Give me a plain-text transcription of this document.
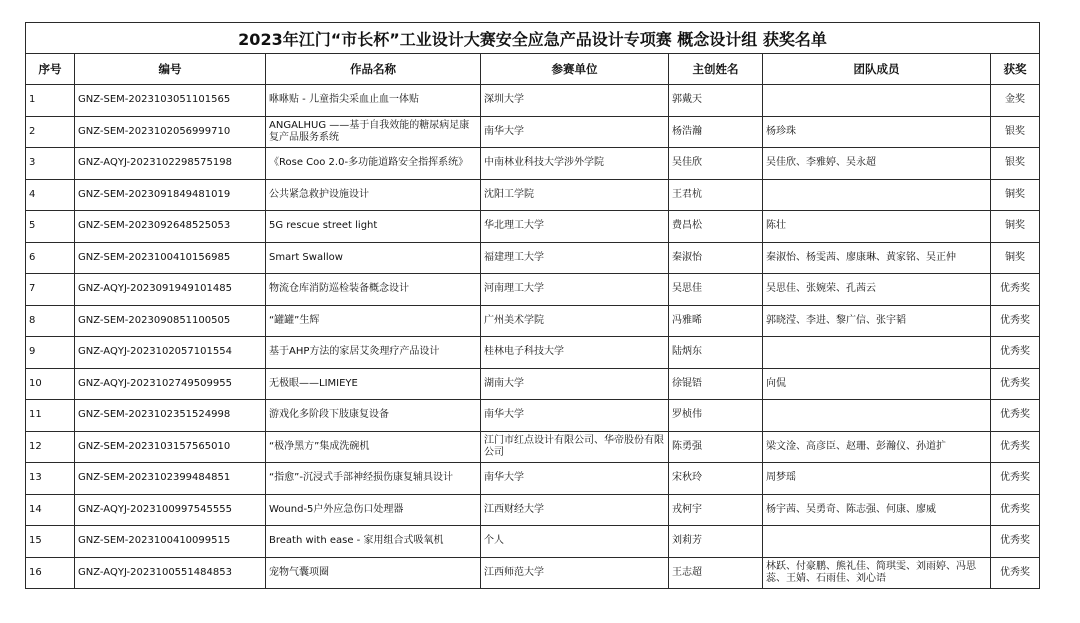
2023年江门“市长杯”工业设计大赛安全应急产品设计专项赛 概念设计组 获奖名单						
序号	编号	作品名称	参赛单位	主创姓名	团队成员	获奖
1	GNZ-SEM-2023103051101565	咻咻贴 - 儿童指尖采血止血一体贴	深圳大学	郭戴天		金奖
2	GNZ-SEM-2023102056999710	ANGALHUG ——基于自我效能的糖尿病足康复产品服务系统	南华大学	杨浩瀚	杨珍珠	银奖
3	GNZ-AQYJ-2023102298575198	《Rose Coo 2.0-多功能道路安全指挥系统》	中南林业科技大学涉外学院	吴佳欣	吴佳欣、李雅婷、吴永超	银奖
4	GNZ-SEM-2023091849481019	公共紧急救护设施设计	沈阳工学院	王君杭		铜奖
5	GNZ-SEM-2023092648525053	5G rescue street light	华北理工大学	费昌松	陈壮	铜奖
6	GNZ-SEM-2023100410156985	Smart Swallow	福建理工大学	秦淑怡	秦淑怡、杨雯茜、廖康琳、黄家铭、吴正仲	铜奖
7	GNZ-AQYJ-2023091949101485	物流仓库消防巡检装备概念设计	河南理工大学	吴思佳	吴思佳、张婉荣、孔茜云	优秀奖
8	GNZ-SEM-2023090851100505	“罐罐”生辉	广州美术学院	冯雅晞	郭晓滢、李进、黎广信、张宇韬	优秀奖
9	GNZ-AQYJ-2023102057101554	基于AHP方法的家居艾灸理疗产品设计	桂林电子科技大学	陆炳东		优秀奖
10	GNZ-AQYJ-2023102749509955	无极眼——LIMIEYE	湖南大学	徐锟铻	向侃	优秀奖
11	GNZ-SEM-2023102351524998	游戏化多阶段下肢康复设备	南华大学	罗桢伟		优秀奖
12	GNZ-SEM-2023103157565010	“极净黑方”集成洗碗机	江门市红点设计有限公司、华帝股份有限公司	陈勇强	梁文淦、高彦臣、赵珊、彭瀚仪、孙道扩	优秀奖
13	GNZ-SEM-2023102399484851	“指愈”-沉浸式手部神经损伤康复辅具设计	南华大学	宋秋玲	周梦瑶	优秀奖
14	GNZ-AQYJ-2023100997545555	Wound-5户外应急伤口处理器	江西财经大学	戎柯宇	杨宇茜、吴勇奇、陈志强、何康、廖威	优秀奖
15	GNZ-SEM-2023100410099515	Breath with ease - 家用组合式吸氧机	个人	刘莉芳		优秀奖
16	GNZ-AQYJ-2023100551484853	宠物气囊项圈	江西师范大学	王志超	林跃、付豪鹏、熊礼佳、简琪雯、刘雨婷、冯思蕊、王婧、石雨佳、刘心语	优秀奖
